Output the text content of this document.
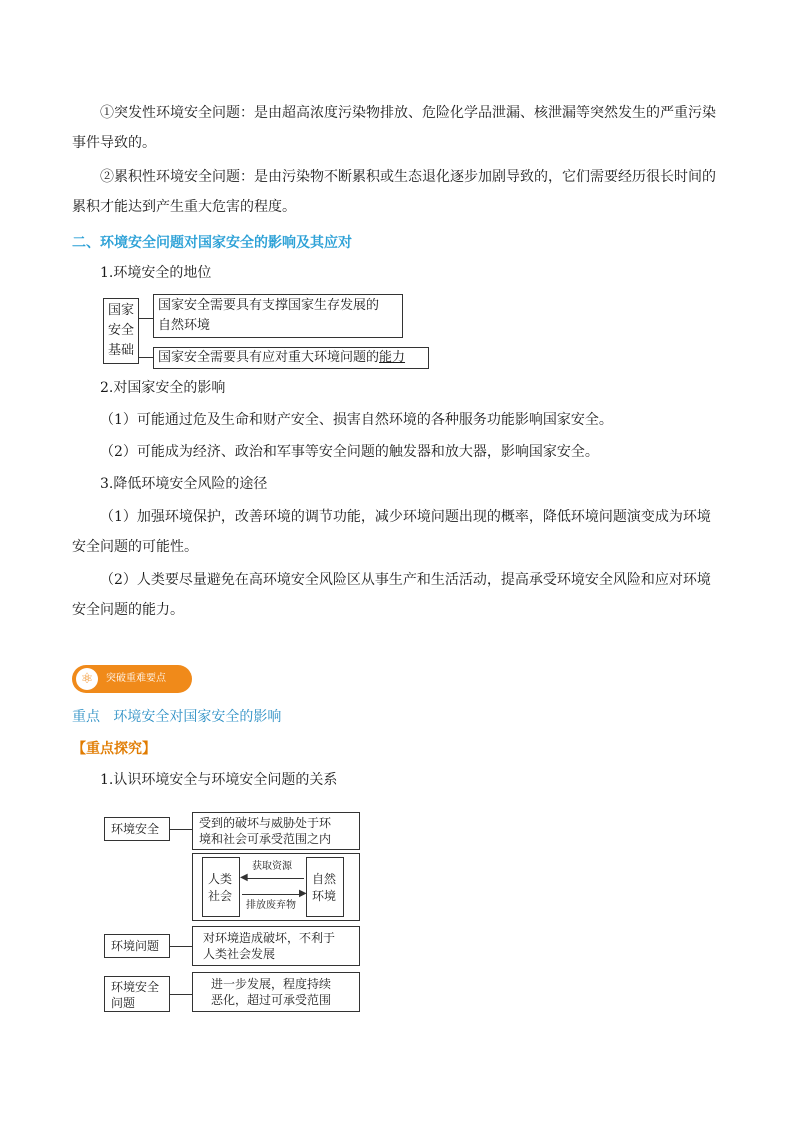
①突发性环境安全问题：是由超高浓度污染物排放、危险化学品泄漏、核泄漏等突然发生的严重污染事件导致的。

②累积性环境安全问题：是由污染物不断累积或生态退化逐步加剧导致的，它们需要经历很长时间的累积才能达到产生重大危害的程度。

二、环境安全问题对国家安全的影响及其应对

1.环境安全的地位

国家
安全
基础
国家安全需要具有支撑国家生存发展的
自然环境
国家安全需要具有应对重大环境问题的能力

2.对国家安全的影响

（1）可能通过危及生命和财产安全、损害自然环境的各种服务功能影响国家安全。

（2）可能成为经济、政治和军事等安全问题的触发器和放大器，影响国家安全。

3.降低环境安全风险的途径

（1）加强环境保护，改善环境的调节功能，减少环境问题出现的概率，降低环境问题演变成为环境安全问题的可能性。

（2）人类要尽量避免在高环境安全风险区从事生产和生活活动，提高承受环境安全风险和应对环境安全问题的能力。

⚛	突破重难要点

重点 环境安全对国家安全的影响

【重点探究】

1.认识环境安全与环境安全问题的关系

环境安全	受到的破坏与威胁处于环
境和社会可承受范围之内
人类
社会
自然
环境
获取资源
◀
▶
排放废弃物
环境问题
对环境造成破坏，不利于
人类社会发展
环境安全
问题
进一步发展，程度持续
恶化，超过可承受范围
